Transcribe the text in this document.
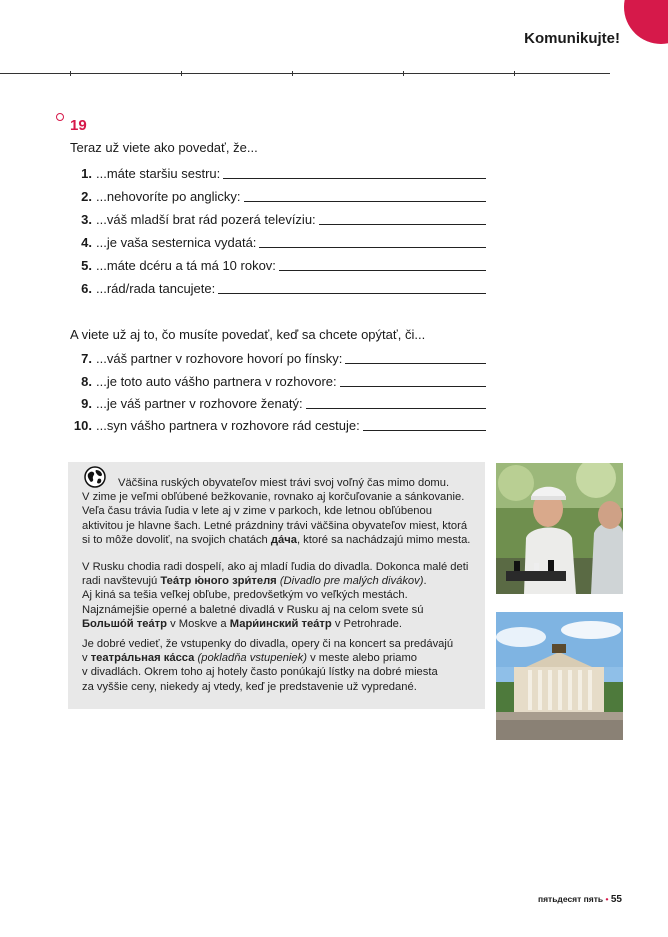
Komunikujte!
19
Teraz už viete ako povedať, že...
1. ...máte staršiu sestru:
2. ...nehovoríte po anglicky:
3. ...váš mladší brat rád pozerá televíziu:
4. ...je vaša sesternica vydatá:
5. ...máte dcéru a tá má 10 rokov:
6. ...rád/rada tancujete:
A viete už aj to, čo musíte povedať, keď sa chcete opýtať, či...
7. ...váš partner v rozhovore hovorí po fínsky:
8. ...je toto auto vášho partnera v rozhovore:
9. ...je váš partner v rozhovore ženatý:
10. ...syn vášho partnera v rozhovore rád cestuje:

Väčšina ruských obyvateľov miest trávi svoj voľný čas mimo domu.
V zime je veľmi obľúbené bežkovanie, rovnako aj korčuľovanie a sánkovanie.
Veľa času trávia ľudia v lete aj v zime v parkoch, kde letnou obľúbenou
aktivitou je hlavne šach. Letné prázdniny trávi väčšina obyvateľov miest, ktorá
si to môže dovoliť, na svojich chatách да́ча, ktoré sa nachádzajú mimo mesta.

V Rusku chodia radi dospelí, ako aj mladí ľudia do divadla. Dokonca malé deti
radi navštevujú Теа́тр ю́ного зри́теля (Divadlo pre malých divákov).
Aj kiná sa tešia veľkej obľube, predovšetkým vo veľkých mestách.
Najznámejšie operné a baletné divadlá v Rusku aj na celom svete sú
Большо́й теа́тр v Moskve a Мари́инский теа́тр v Petrohrade.

Je dobré vedieť, že vstupenky do divadla, opery či na koncert sa predávajú
v театра́льная ка́сса (pokladňa vstupeniek) v meste alebo priamo
v divadlách. Okrem toho aj hotely často ponúkajú lístky na dobré miesta
za vyššie ceny, niekedy aj vtedy, keď je predstavenie už vypredané.

пятьдесят пять • 55
